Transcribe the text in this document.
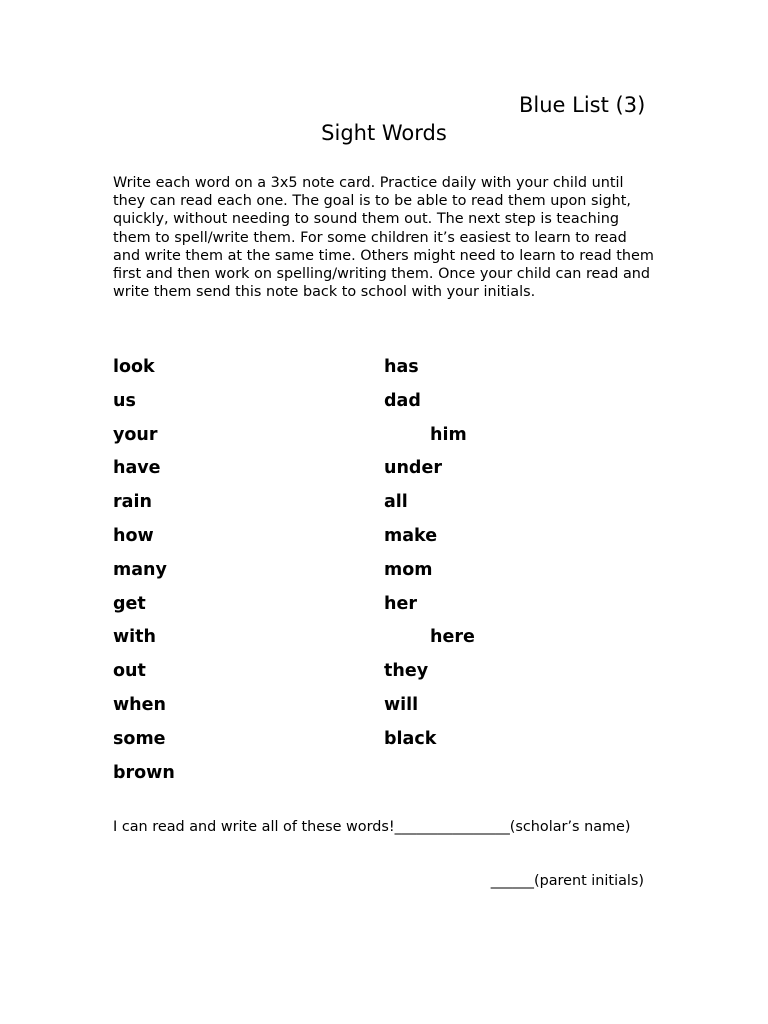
Blue List (3)
Sight Words

Write each word on a 3x5 note card. Practice daily with your child until they can read each one. The goal is to be able to read them upon sight, quickly, without needing to sound them out. The next step is teaching them to spell/write them. For some children it’s easiest to learn to read and write them at the same time. Others might need to learn to read them first and then work on spelling/writing them. Once your child can read and write them send this note back to school with your initials.

look
us
your
have
rain
how
many
get
with
out
when
some
brown
has
dad
him
under
all
make
mom
her
here
they
will
black

I can read and write all of these words!________________(scholar’s name)

______(parent initials)
